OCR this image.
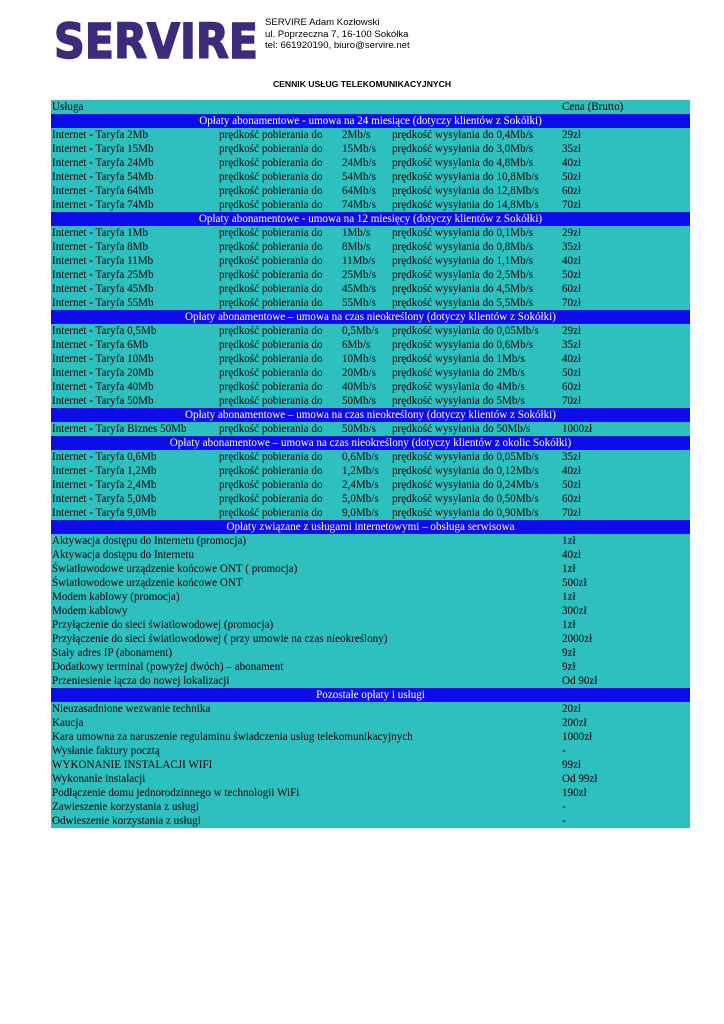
SERVIRE SERVIRE Adam Kozłowski
ul. Poprzeczna 7, 16-100 Sokółka
tel: 661920190, biuro@servire.net
CENNIK USŁUG TELEKOMUNIKACYJNYCH
Usługa	Cena (Brutto)
Opłaty abonamentowe - umowa na 24 miesiące (dotyczy klientów z Sokółki)
Internet - Taryfa 2Mb	prędkość pobierania do	2Mb/s	prędkość wysyłania do 0,4Mb/s	29zł
Internet - Taryfa 15Mb	prędkość pobierania do	15Mb/s	prędkość wysyłania do 3,0Mb/s	35zł
Internet - Taryfa 24Mb	prędkość pobierania do	24Mb/s	prędkość wysyłania do 4,8Mb/s	40zł
Internet - Taryfa 54Mb	prędkość pobierania do	54Mb/s	prędkość wysyłania do 10,8Mb/s	50zł
Internet - Taryfa 64Mb	prędkość pobierania do	64Mb/s	prędkość wysyłania do 12,8Mb/s	60zł
Internet - Taryfa 74Mb	prędkość pobierania do	74Mb/s	prędkość wysyłania do 14,8Mb/s	70zł
Opłaty abonamentowe - umowa na 12 miesięcy (dotyczy klientów z Sokółki)
Internet - Taryfa 1Mb	prędkość pobierania do	1Mb/s	prędkość wysyłania do 0,1Mb/s	29zł
Internet - Taryfa 8Mb	prędkość pobierania do	8Mb/s	prędkość wysyłania do 0,8Mb/s	35zł
Internet - Taryfa 11Mb	prędkość pobierania do	11Mb/s	prędkość wysyłania do 1,1Mb/s	40zł
Internet - Taryfa 25Mb	prędkość pobierania do	25Mb/s	prędkość wysyłania do 2,5Mb/s	50zł
Internet - Taryfa 45Mb	prędkość pobierania do	45Mb/s	prędkość wysyłania do 4,5Mb/s	60zł
Internet - Taryfa 55Mb	prędkość pobierania do	55Mb/s	prędkość wysyłania do 5,5Mb/s	70zł
Opłaty abonamentowe – umowa na czas nieokreślony (dotyczy klientów z Sokółki)
Internet - Taryfa 0,5Mb	prędkość pobierania do	0,5Mb/s	prędkość wysyłania do 0,05Mb/s	29zł
Internet - Taryfa 6Mb	prędkość pobierania do	6Mb/s	prędkość wysyłania do 0,6Mb/s	35zł
Internet - Taryfa 10Mb	prędkość pobierania do	10Mb/s	prędkość wysyłania do 1Mb/s	40zł
Internet - Taryfa 20Mb	prędkość pobierania do	20Mb/s	prędkość wysyłania do 2Mb/s	50zł
Internet - Taryfa 40Mb	prędkość pobierania do	40Mb/s	prędkość wysyłania do 4Mb/s	60zł
Internet - Taryfa 50Mb	prędkość pobierania do	50Mb/s	prędkość wysyłania do 5Mb/s	70zł
Opłaty abonamentowe – umowa na czas nieokreślony (dotyczy klientów z Sokółki)
Internet - Taryfa Biznes 50Mb	prędkość pobierania do	50Mb/s	prędkość wysyłania do 50Mb/s	1000zł
Opłaty abonamentowe – umowa na czas nieokreślony (dotyczy klientów z okolic Sokółki)
Internet - Taryfa 0,6Mb	prędkość pobierania do	0,6Mb/s	prędkość wysyłania do 0,05Mb/s	35zł
Internet - Taryfa 1,2Mb	prędkość pobierania do	1,2Mb/s	prędkość wysyłania do 0,12Mb/s	40zł
Internet - Taryfa 2,4Mb	prędkość pobierania do	2,4Mb/s	prędkość wysyłania do 0,24Mb/s	50zł
Internet - Taryfa 5,0Mb	prędkość pobierania do	5,0Mb/s	prędkość wysyłania do 0,50Mb/s	60zł
Internet - Taryfa 9,0Mb	prędkość pobierania do	9,0Mb/s	prędkość wysyłania do 0,90Mb/s	70zł
Opłaty związane z usługami internetowymi – obsługa serwisowa
Aktywacja dostępu do Internetu (promocja)	1zł
Aktywacja dostępu do Internetu	40zł
Światłowodowe urządzenie końcowe ONT ( promocja)	1zł
Światłowodowe urządzenie końcowe ONT	500zł
Modem kablowy (promocja)	1zł
Modem kablowy	300zł
Przyłączenie do sieci światłowodowej (promocja)	1zł
Przyłączenie do sieci światłowodowej ( przy umowie na czas nieokreślony)	2000zł
Stały adres IP (abonament)	9zł
Dodatkowy terminal (powyżej dwóch) – abonament	9zł
Przeniesienie łącza do nowej lokalizacji	Od 90zł
Pozostałe opłaty i usługi
Nieuzasadnione wezwanie technika	20zł
Kaucja	200zł
Kara umowna za naruszenie regulaminu świadczenia usług telekomunikacyjnych	1000zł
Wysłanie faktury pocztą	-
WYKONANIE INSTALACJI WIFI	99zł
Wykonanie instalacji	Od 99zł
Podłączenie domu jednorodzinnego w technologii WiFi	190zł
Zawieszenie korzystania z usługi	-
Odwieszenie korzystania z usługi	-
